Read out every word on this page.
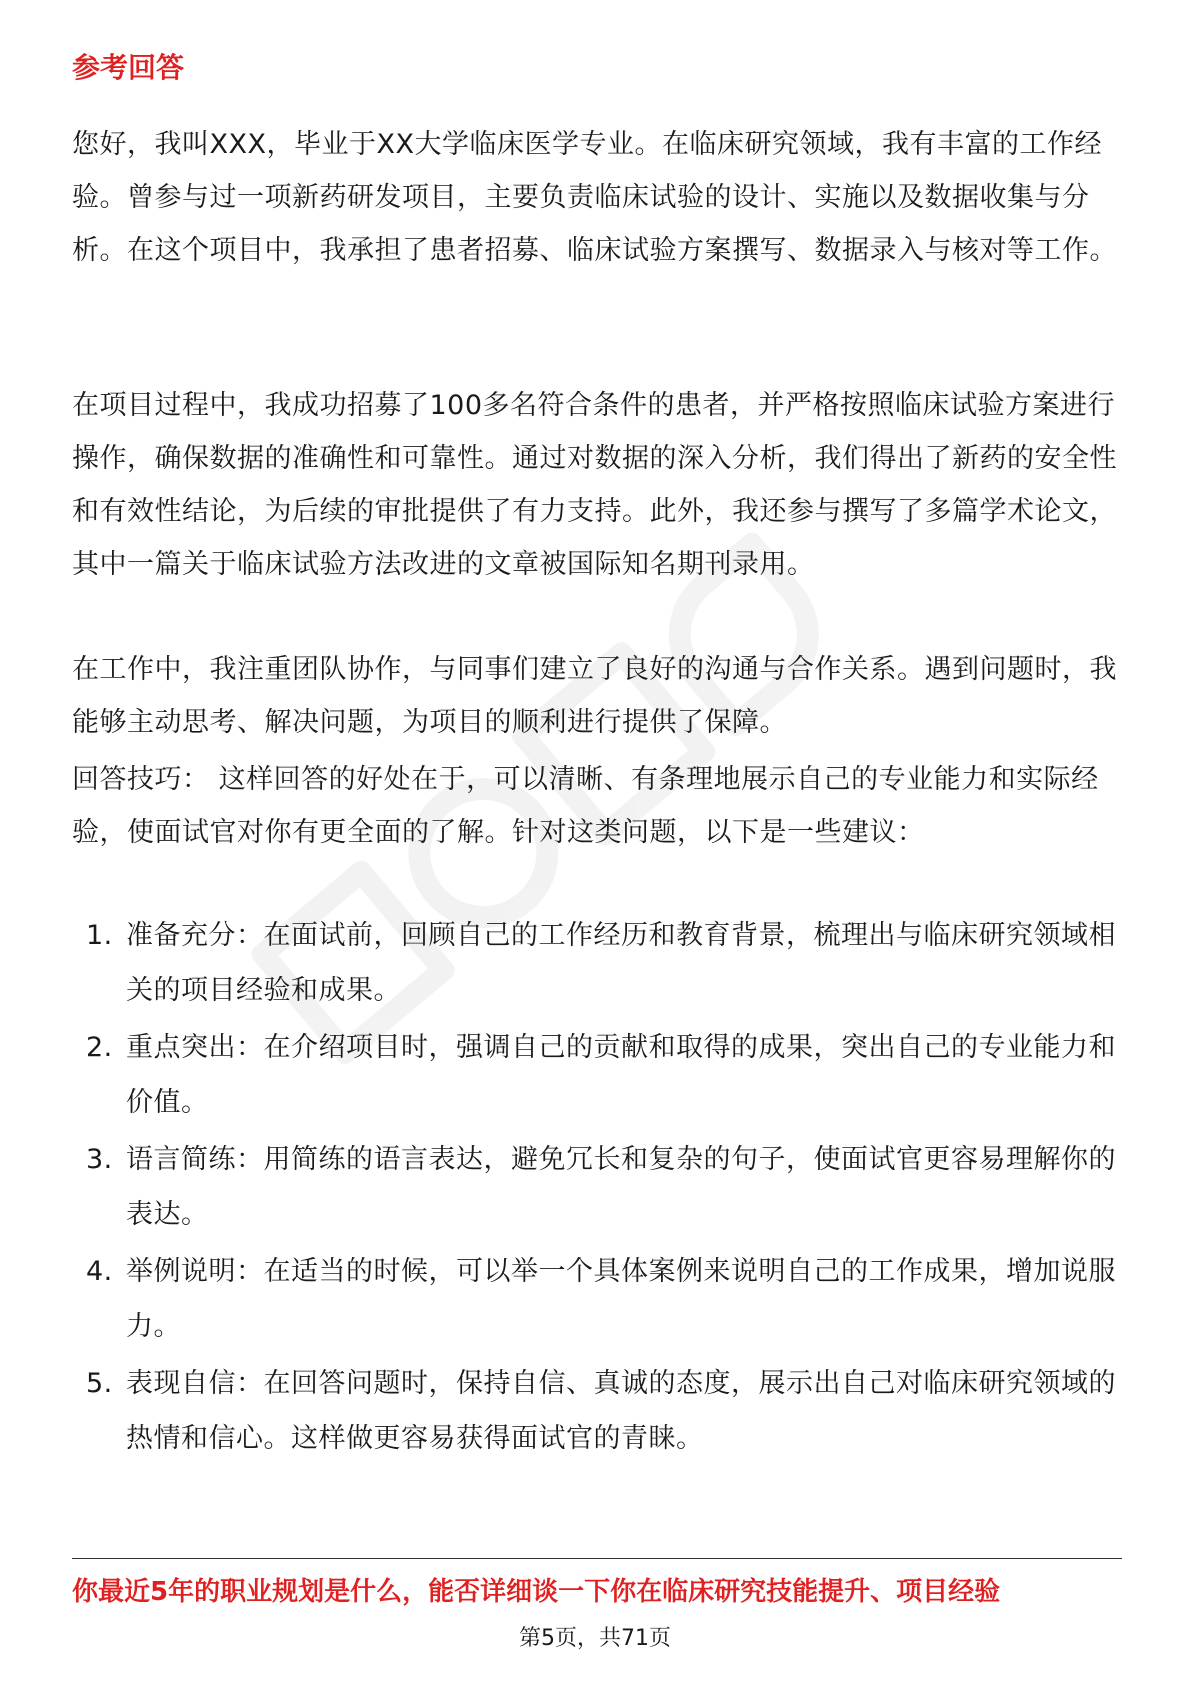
参考回答

您好，我叫XXX，毕业于XX大学临床医学专业。在临床研究领域，我有丰富的工作经验。曾参与过一项新药研发项目，主要负责临床试验的设计、实施以及数据收集与分析。在这个项目中，我承担了患者招募、临床试验方案撰写、数据录入与核对等工作。

在项目过程中，我成功招募了100多名符合条件的患者，并严格按照临床试验方案进行操作，确保数据的准确性和可靠性。通过对数据的深入分析，我们得出了新药的安全性和有效性结论，为后续的审批提供了有力支持。此外，我还参与撰写了多篇学术论文，其中一篇关于临床试验方法改进的文章被国际知名期刊录用。

在工作中，我注重团队协作，与同事们建立了良好的沟通与合作关系。遇到问题时，我能够主动思考、解决问题，为项目的顺利进行提供了保障。

回答技巧： 这样回答的好处在于，可以清晰、有条理地展示自己的专业能力和实际经验，使面试官对你有更全面的了解。针对这类问题，以下是一些建议：

1. 准备充分：在面试前，回顾自己的工作经历和教育背景，梳理出与临床研究领域相关的项目经验和成果。
2. 重点突出：在介绍项目时，强调自己的贡献和取得的成果，突出自己的专业能力和价值。
3. 语言简练：用简练的语言表达，避免冗长和复杂的句子，使面试官更容易理解你的表达。
4. 举例说明：在适当的时候，可以举一个具体案例来说明自己的工作成果，增加说服力。
5. 表现自信：在回答问题时，保持自信、真诚的态度，展示出自己对临床研究领域的热情和信心。这样做更容易获得面试官的青睐。

你最近5年的职业规划是什么，能否详细谈一下你在临床研究技能提升、项目经验

第5页，共71页
